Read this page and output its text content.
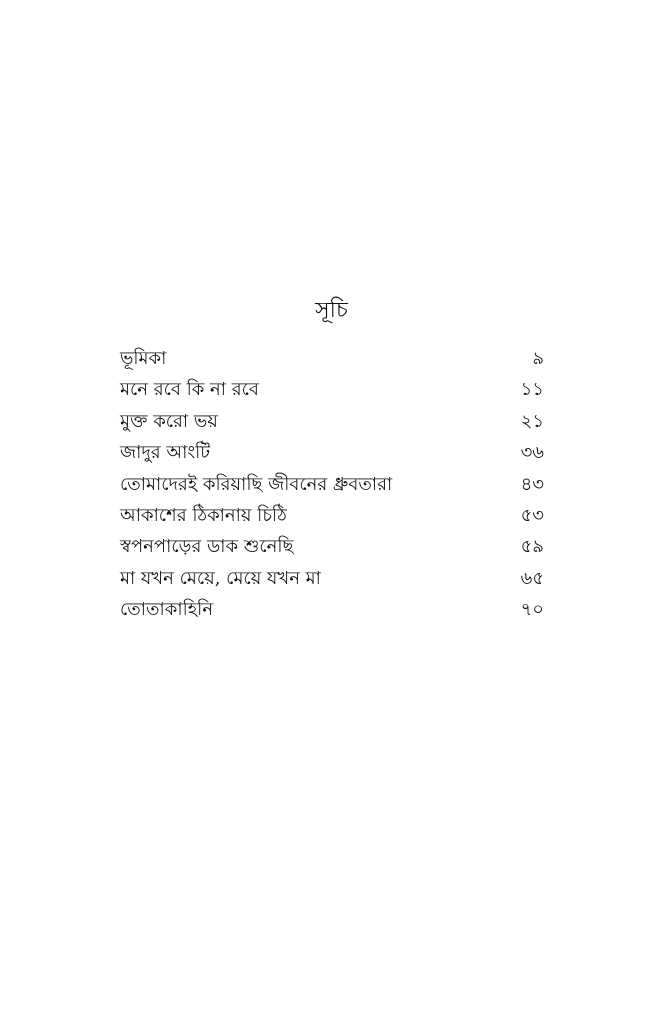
সূচি
ভূমিকা	৯
মনে রবে কি না রবে	১১
মুক্ত করো ভয়	২১
জাদুর আংটি	৩৬
তোমাদেরই করিয়াছি জীবনের ধ্রুবতারা	৪৩
আকাশের ঠিকানায় চিঠি	৫৩
স্বপনপাড়ের ডাক শুনেছি	৫৯
মা যখন মেয়ে, মেয়ে যখন মা	৬৫
তোতাকাহিনি	৭০
